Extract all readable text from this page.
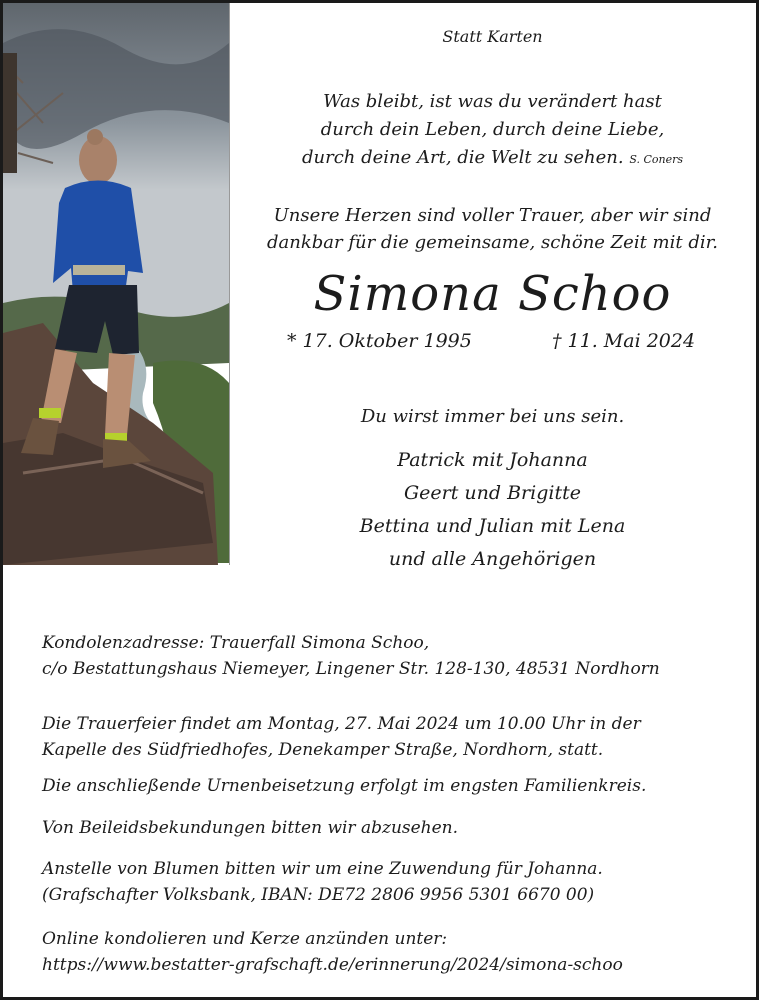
Statt Karten
Was bleibt, ist was du verändert hast
durch dein Leben, durch deine Liebe,
durch deine Art, die Welt zu sehen. S. Coners
Unsere Herzen sind voller Trauer, aber wir sind
dankbar für die gemeinsame, schöne Zeit mit dir.
Simona Schoo
* 17. Oktober 1995	† 11. Mai 2024
Du wirst immer bei uns sein.
Patrick mit Johanna
Geert und Brigitte
Bettina und Julian mit Lena
und alle Angehörigen
Kondolenzadresse: Trauerfall Simona Schoo,
c/o Bestattungshaus Niemeyer, Lingener Str. 128-130, 48531 Nordhorn
Die Trauerfeier findet am Montag, 27. Mai 2024 um 10.00 Uhr in der
Kapelle des Südfriedhofes, Denekamper Straße, Nordhorn, statt.
Die anschließende Urnenbeisetzung erfolgt im engsten Familienkreis.
Von Beileidsbekundungen bitten wir abzusehen.
Anstelle von Blumen bitten wir um eine Zuwendung für Johanna.
(Grafschafter Volksbank, IBAN: DE72 2806 9956 5301 6670 00)
Online kondolieren und Kerze anzünden unter:
https://www.bestatter-grafschaft.de/erinnerung/2024/simona-schoo
